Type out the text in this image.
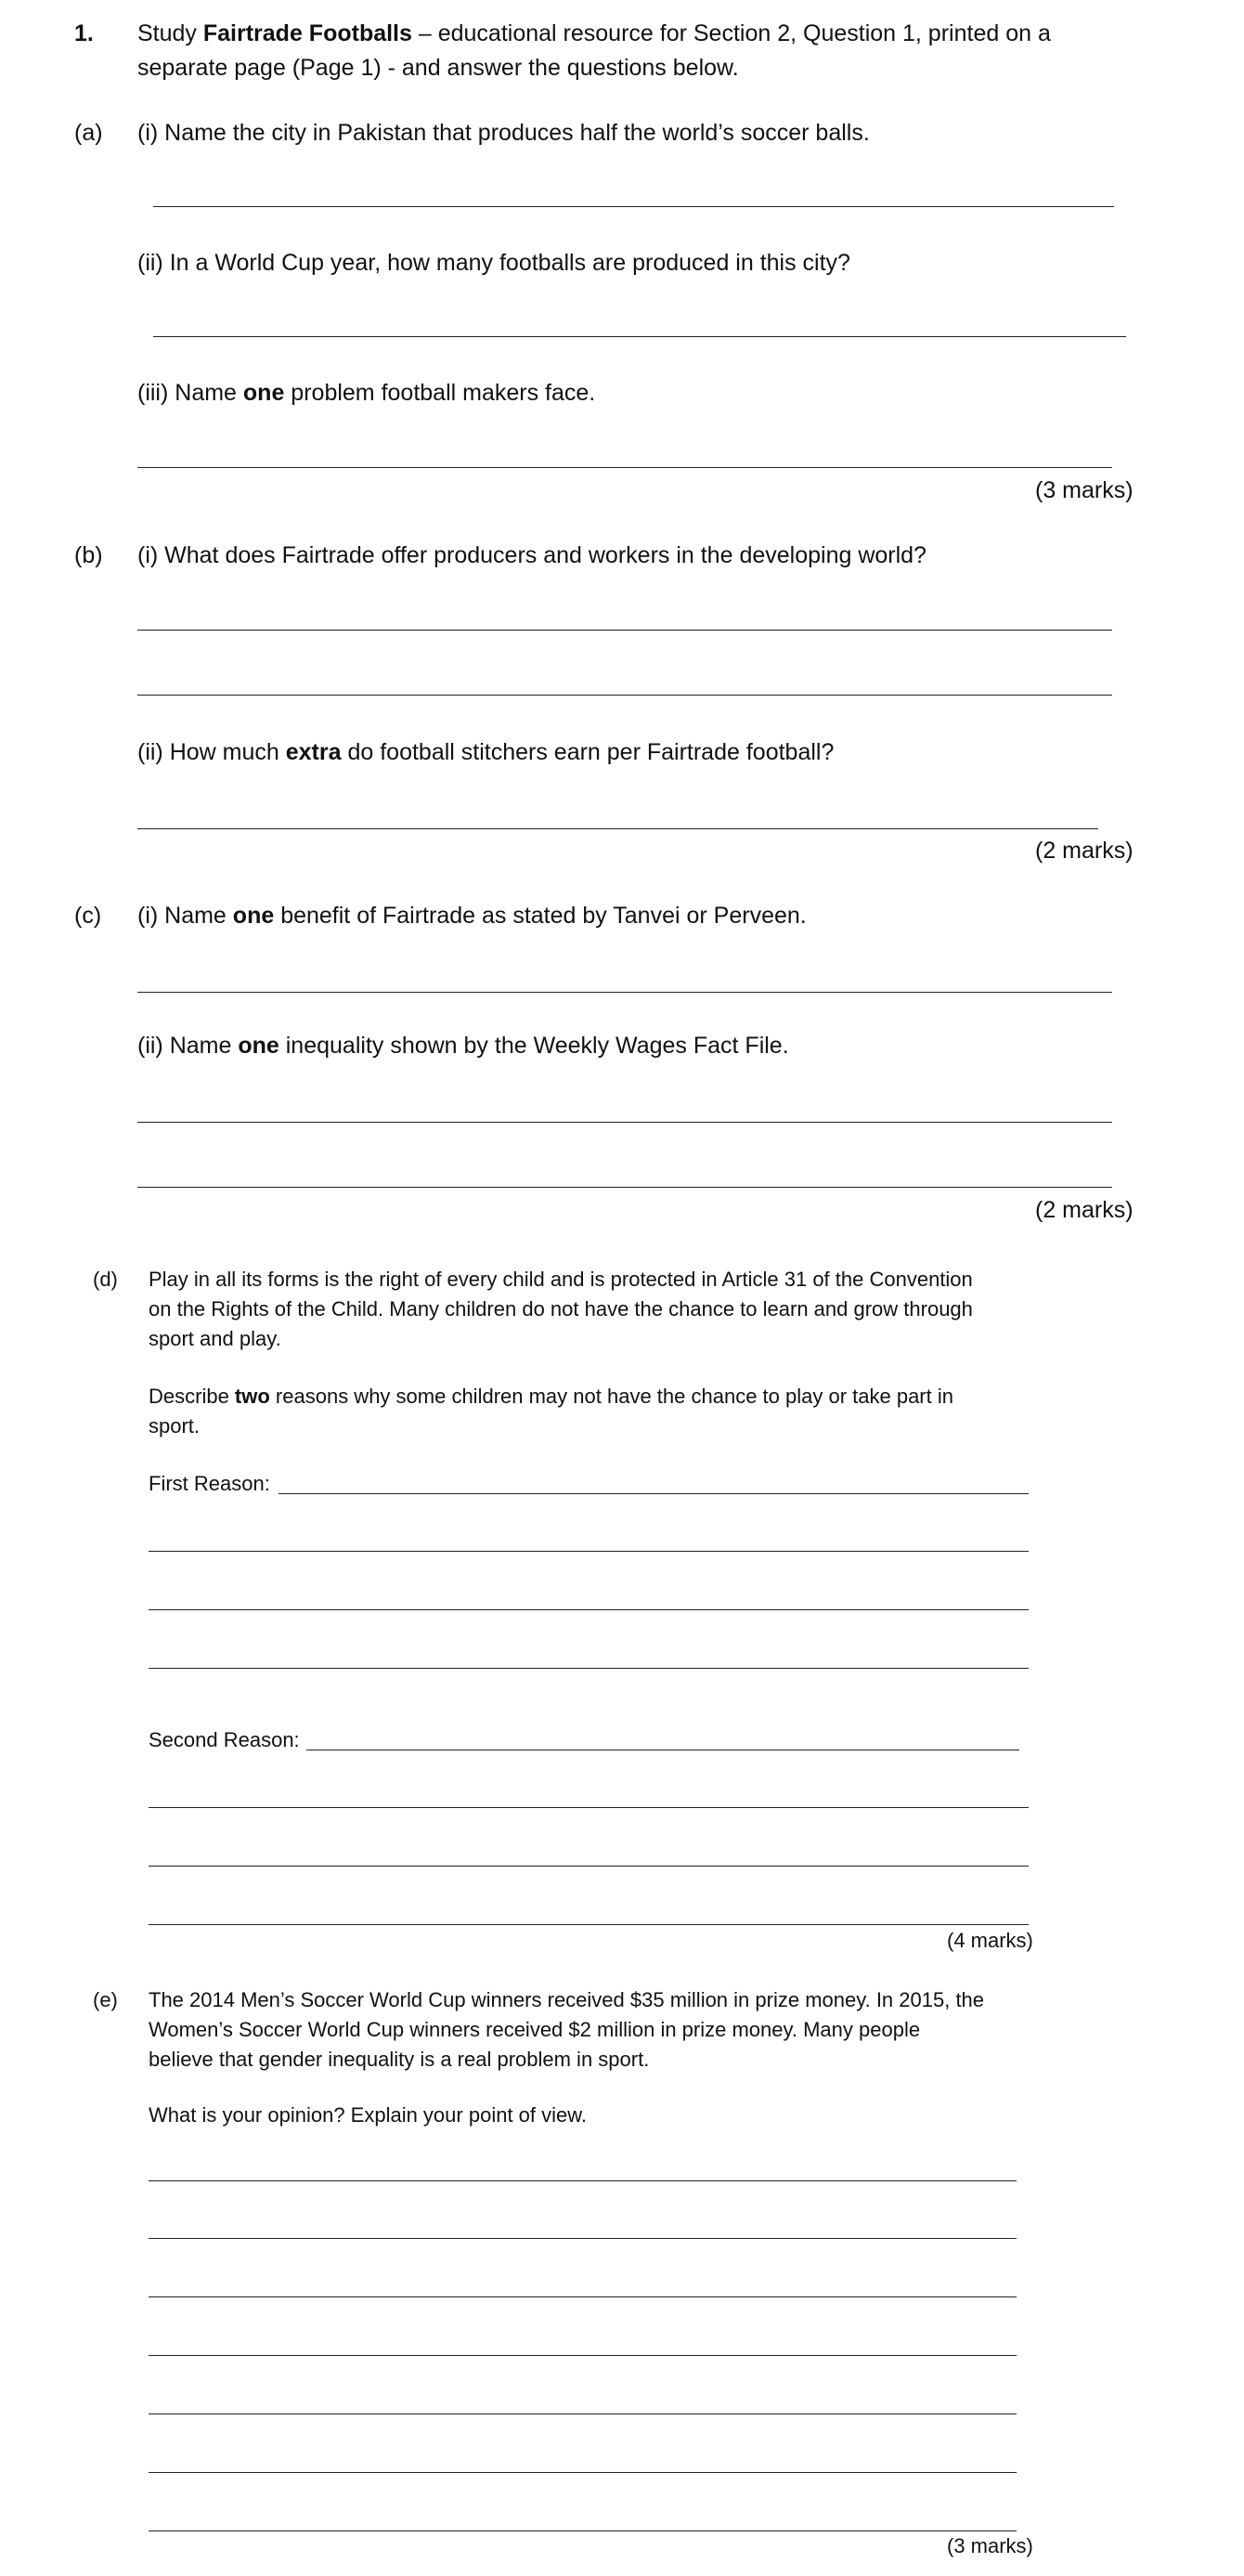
1. Study Fairtrade Footballs – educational resource for Section 2, Question 1, printed on a
separate page (Page 1) - and answer the questions below.
(a) (i) Name the city in Pakistan that produces half the world’s soccer balls.
(ii) In a World Cup year, how many footballs are produced in this city?
(iii) Name one problem football makers face.
(3 marks)
(b) (i) What does Fairtrade offer producers and workers in the developing world?
(ii) How much extra do football stitchers earn per Fairtrade football?
(2 marks)
(c) (i) Name one benefit of Fairtrade as stated by Tanvei or Perveen.
(ii) Name one inequality shown by the Weekly Wages Fact File.
(2 marks)
(d) Play in all its forms is the right of every child and is protected in Article 31 of the Convention
on the Rights of the Child. Many children do not have the chance to learn and grow through
sport and play.
Describe two reasons why some children may not have the chance to play or take part in
sport.
First Reason:
Second Reason:
(4 marks)
(e) The 2014 Men’s Soccer World Cup winners received $35 million in prize money. In 2015, the
Women’s Soccer World Cup winners received $2 million in prize money. Many people
believe that gender inequality is a real problem in sport.
What is your opinion? Explain your point of view.
(3 marks)
